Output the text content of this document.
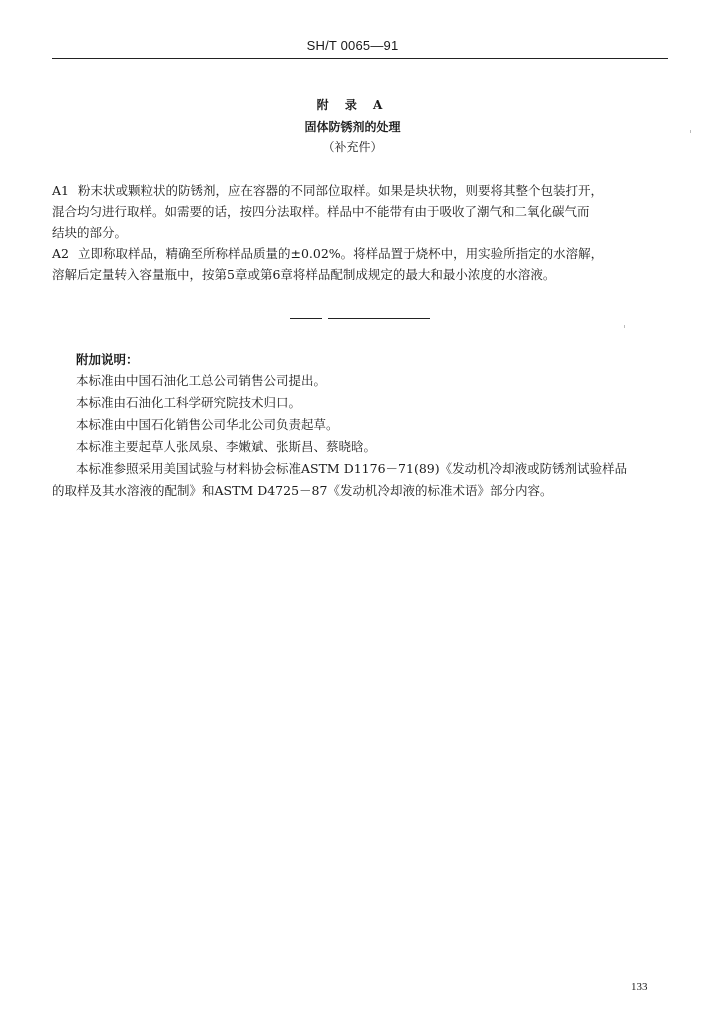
SH/T 0065—91
附 录 A
固体防锈剂的处理
（补充件）
A1 粉末状或颗粒状的防锈剂，应在容器的不同部位取样。如果是块状物，则要将其整个包装打开，
混合均匀进行取样。如需要的话，按四分法取样。样品中不能带有由于吸收了潮气和二氧化碳气而
结块的部分。
A2 立即称取样品，精确至所称样品质量的±0.02%。将样品置于烧杯中，用实验所指定的水溶解，
溶解后定量转入容量瓶中，按第5章或第6章将样品配制成规定的最大和最小浓度的水溶液。
附加说明：
本标准由中国石油化工总公司销售公司提出。
本标准由石油化工科学研究院技术归口。
本标准由中国石化销售公司华北公司负责起草。
本标准主要起草人张凤泉、李嫩斌、张斯昌、蔡晓晗。
本标准参照采用美国试验与材料协会标准ASTM D1176－71(89)《发动机冷却液或防锈剂试验样品
的取样及其水溶液的配制》和ASTM D4725－87《发动机冷却液的标准术语》部分内容。
133
